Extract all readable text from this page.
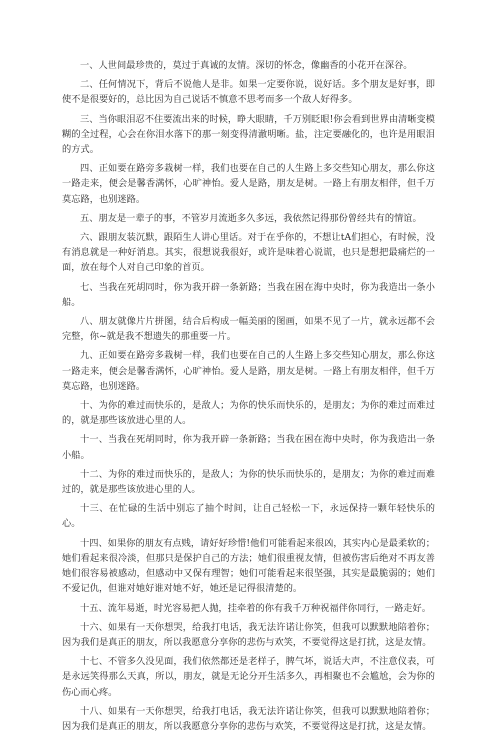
一、人世间最珍贵的，莫过于真诚的友情。深切的怀念，像幽香的小花开在深谷。

二、任何情况下，背后不说他人是非。如果一定要你说，说好话。多个朋友是好事，即使不是很要好的，总比因为自己说话不慎意不思考而多一个敌人好得多。

三、当你眼泪忍不住要流出来的时候，睁大眼睛，千万别眨眼!你会看到世界由清晰变模糊的全过程，心会在你泪水落下的那一刻变得清澈明晰。盐，注定要融化的，也许是用眼泪的方式。

四、正如要在路旁多栽树一样，我们也要在自己的人生路上多交些知心朋友，那么你这一路走来，便会是馨香满怀，心旷神怡。爱人是路，朋友是树。一路上有朋友相伴，但千万莫忘路，也别迷路。

五、朋友是一辈子的事，不管岁月流逝多久多远，我依然记得那份曾经共有的情谊。

六、跟朋友装沉默，跟陌生人讲心里话。对于在乎你的，不想让tA们担心，有时候，没有消息就是一种好消息。其实，很想说我很好，或许是味着心说谎，也只是想把最痛烂的一面，放在每个人对自己印象的首页。

七、当我在死胡同时，你为我开辟一条新路；当我在困在海中央时，你为我造出一条小船。

八、朋友就像片片拼图，结合后构成一幅美丽的图画，如果不见了一片，就永远都不会完整，你~就是我不想遗失的那重要一片。

九、正如要在路旁多栽树一样，我们也要在自己的人生路上多交些知心朋友，那么你这一路走来，便会是馨香满怀，心旷神怡。爱人是路，朋友是树。一路上有朋友相伴，但千万莫忘路，也别迷路。

十、为你的难过而快乐的，是敌人；为你的快乐而快乐的，是朋友；为你的难过而难过的，就是那些该放进心里的人。

十一、当我在死胡同时，你为我开辟一条新路；当我在困在海中央时，你为我造出一条小船。

十二、为你的难过而快乐的，是敌人；为你的快乐而快乐的，是朋友；为你的难过而难过的，就是那些该放进心里的人。

十三、在忙碌的生活中别忘了抽个时间，让自己轻松一下，永远保持一颗年轻快乐的心。

十四、如果你的朋友有点贱，请好好珍惜!他们可能看起来很凶，其实内心是最柔软的；她们看起来很冷淡，但那只是保护自己的方法；她们很重视友情，但被伤害后绝对不再友善她们很容易被感动，但感动中又保有理智；她们可能看起来很坚强，其实是最脆弱的；她们不爱记仇，但谁对她好谁对她不好，她还是记得很清楚的。

十五、流年易逝，时光容易把人抛，挂牵着的你有我千万种祝福伴你同行，一路走好。

十六、如果有一天你想哭，给我打电话，我无法许诺让你笑，但我可以默默地陪着你；因为我们是真正的朋友，所以我愿意分享你的悲伤与欢笑，不要觉得这是打扰，这是友情。

十七、不管多久没见面，我们依然都还是老样子，脾气坏，说话大声，不注意仪表，可是永远笑得那么天真，所以，朋友，就是无论分开生活多久，再相聚也不会尴尬，会为你的伤心而心疼。

十八、如果有一天你想哭，给我打电话，我无法许诺让你笑，但我可以默默地陪着你；因为我们是真正的朋友，所以我愿意分享你的悲伤与欢笑，不要觉得这是打扰，这是友情。
